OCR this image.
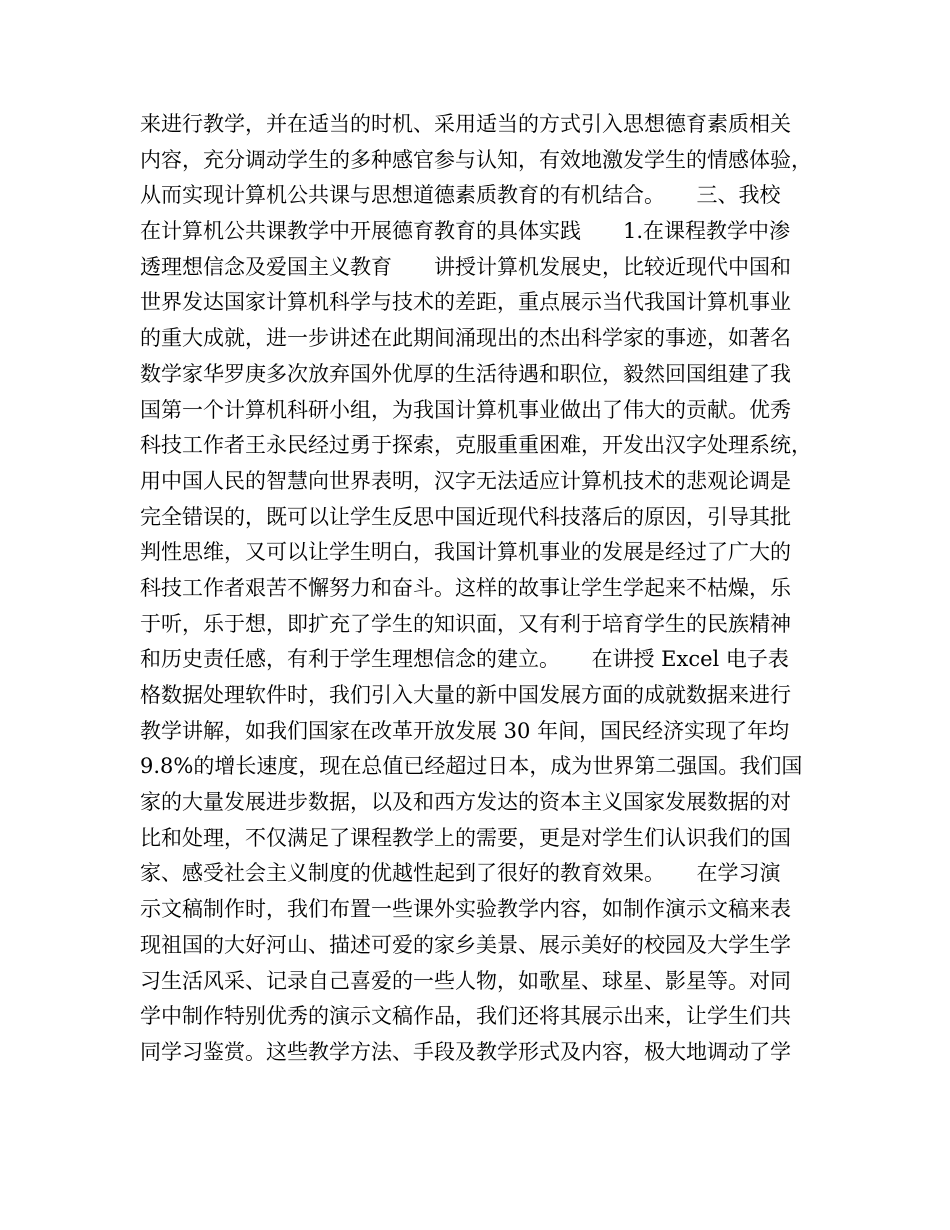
来进行教学，并在适当的时机、采用适当的方式引入思想德育素质相关
内容，充分调动学生的多种感官参与认知，有效地激发学生的情感体验，
从而实现计算机公共课与思想道德素质教育的有机结合。　　三、我校
在计算机公共课教学中开展德育教育的具体实践　　1.在课程教学中渗
透理想信念及爱国主义教育　　讲授计算机发展史，比较近现代中国和
世界发达国家计算机科学与技术的差距，重点展示当代我国计算机事业
的重大成就，进一步讲述在此期间涌现出的杰出科学家的事迹，如著名
数学家华罗庚多次放弃国外优厚的生活待遇和职位，毅然回国组建了我
国第一个计算机科研小组，为我国计算机事业做出了伟大的贡献。优秀
科技工作者王永民经过勇于探索，克服重重困难，开发出汉字处理系统，
用中国人民的智慧向世界表明，汉字无法适应计算机技术的悲观论调是
完全错误的，既可以让学生反思中国近现代科技落后的原因，引导其批
判性思维，又可以让学生明白，我国计算机事业的发展是经过了广大的
科技工作者艰苦不懈努力和奋斗。这样的故事让学生学起来不枯燥，乐
于听，乐于想，即扩充了学生的知识面，又有利于培育学生的民族精神
和历史责任感，有利于学生理想信念的建立。　　在讲授 Excel 电子表
格数据处理软件时，我们引入大量的新中国发展方面的成就数据来进行
教学讲解，如我们国家在改革开放发展 30 年间，国民经济实现了年均
9.8%的增长速度，现在总值已经超过日本，成为世界第二强国。我们国
家的大量发展进步数据，以及和西方发达的资本主义国家发展数据的对
比和处理，不仅满足了课程教学上的需要，更是对学生们认识我们的国
家、感受社会主义制度的优越性起到了很好的教育效果。　　在学习演
示文稿制作时，我们布置一些课外实验教学内容，如制作演示文稿来表
现祖国的大好河山、描述可爱的家乡美景、展示美好的校园及大学生学
习生活风采、记录自己喜爱的一些人物，如歌星、球星、影星等。对同
学中制作特别优秀的演示文稿作品，我们还将其展示出来，让学生们共
同学习鉴赏。这些教学方法、手段及教学形式及内容，极大地调动了学
